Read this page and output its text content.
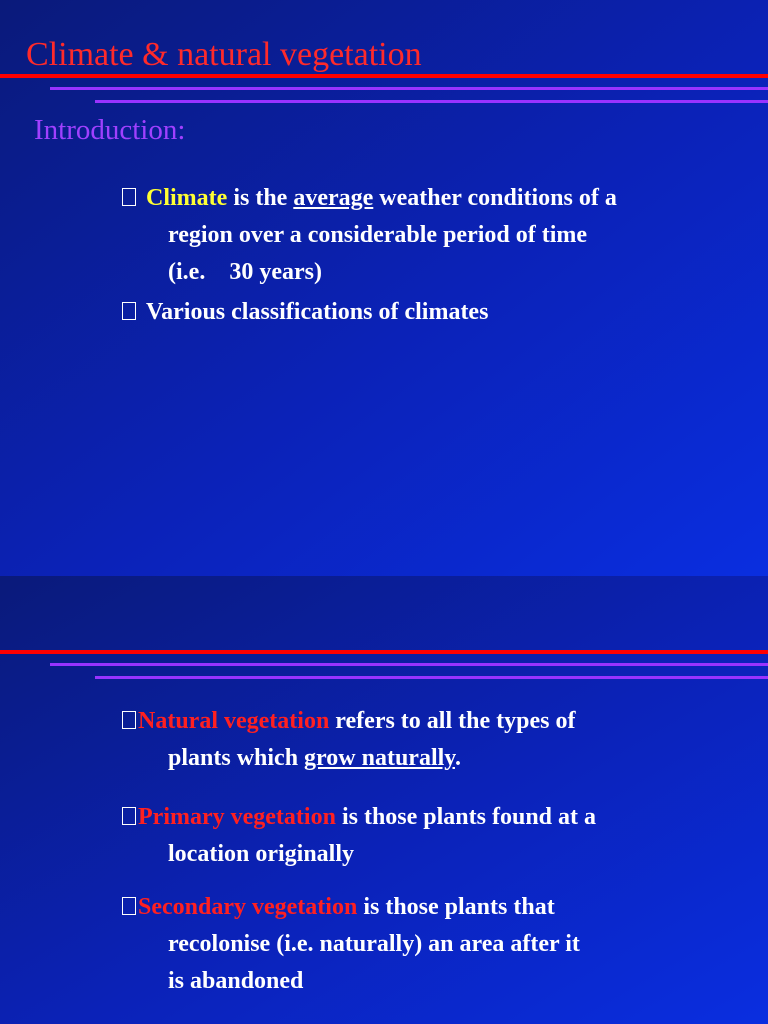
Climate & natural vegetation
Introduction:
Climate is the average weather conditions of a
region over a considerable period of time
(i.e.    30 years)
Various classifications of climates
Natural vegetation refers to all the types of
plants which grow naturally.
Primary vegetation is those plants found at a
location originally
Secondary vegetation is those plants that
recolonise (i.e. naturally) an area after it
is abandoned
